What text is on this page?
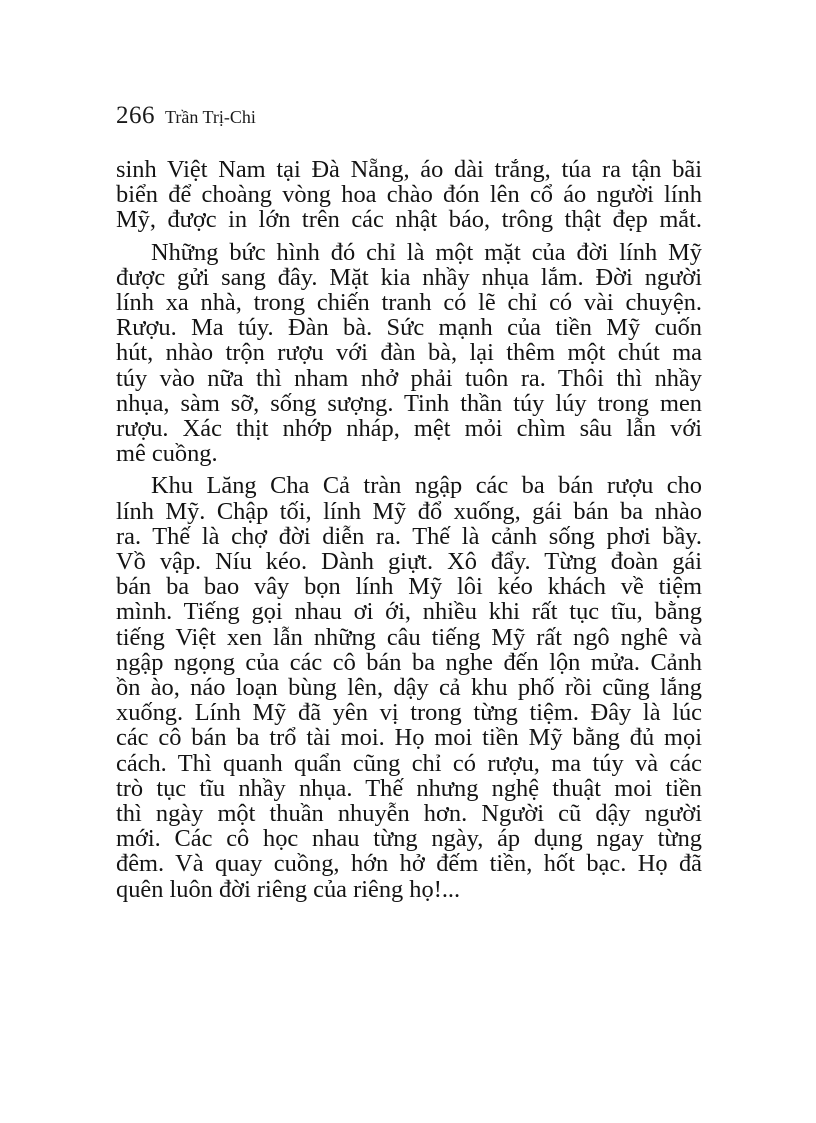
266 Trần Trị-Chi
sinh Việt Nam tại Đà Nẵng, áo dài trắng, túa ra tận bãi
biển để choàng vòng hoa chào đón lên cổ áo người lính
Mỹ, được in lớn trên các nhật báo, trông thật đẹp mắt.
Những bức hình đó chỉ là một mặt của đời lính Mỹ
được gửi sang đây. Mặt kia nhầy nhụa lắm. Đời người
lính xa nhà, trong chiến tranh có lẽ chỉ có vài chuyện.
Rượu. Ma túy. Đàn bà. Sức mạnh của tiền Mỹ cuốn
hút, nhào trộn rượu với đàn bà, lại thêm một chút ma
túy vào nữa thì nham nhở phải tuôn ra. Thôi thì nhầy
nhụa, sàm sỡ, sống sượng. Tinh thần túy lúy trong men
rượu. Xác thịt nhớp nháp, mệt mỏi chìm sâu lẫn với
mê cuồng.
Khu Lăng Cha Cả tràn ngập các ba bán rượu cho
lính Mỹ. Chập tối, lính Mỹ đổ xuống, gái bán ba nhào
ra. Thế là chợ đời diễn ra. Thế là cảnh sống phơi bầy.
Vồ vập. Níu kéo. Dành giựt. Xô đẩy. Từng đoàn gái
bán ba bao vây bọn lính Mỹ lôi kéo khách về tiệm
mình. Tiếng gọi nhau ơi ới, nhiều khi rất tục tĩu, bằng
tiếng Việt xen lẫn những câu tiếng Mỹ rất ngô nghê và
ngập ngọng của các cô bán ba nghe đến lộn mửa. Cảnh
ồn ào, náo loạn bùng lên, dậy cả khu phố rồi cũng lắng
xuống. Lính Mỹ đã yên vị trong từng tiệm. Đây là lúc
các cô bán ba trổ tài moi. Họ moi tiền Mỹ bằng đủ mọi
cách. Thì quanh quẩn cũng chỉ có rượu, ma túy và các
trò tục tĩu nhầy nhụa. Thế nhưng nghệ thuật moi tiền
thì ngày một thuần nhuyễn hơn. Người cũ dậy người
mới. Các cô học nhau từng ngày, áp dụng ngay từng
đêm. Và quay cuồng, hớn hở đếm tiền, hốt bạc. Họ đã
quên luôn đời riêng của riêng họ!...
